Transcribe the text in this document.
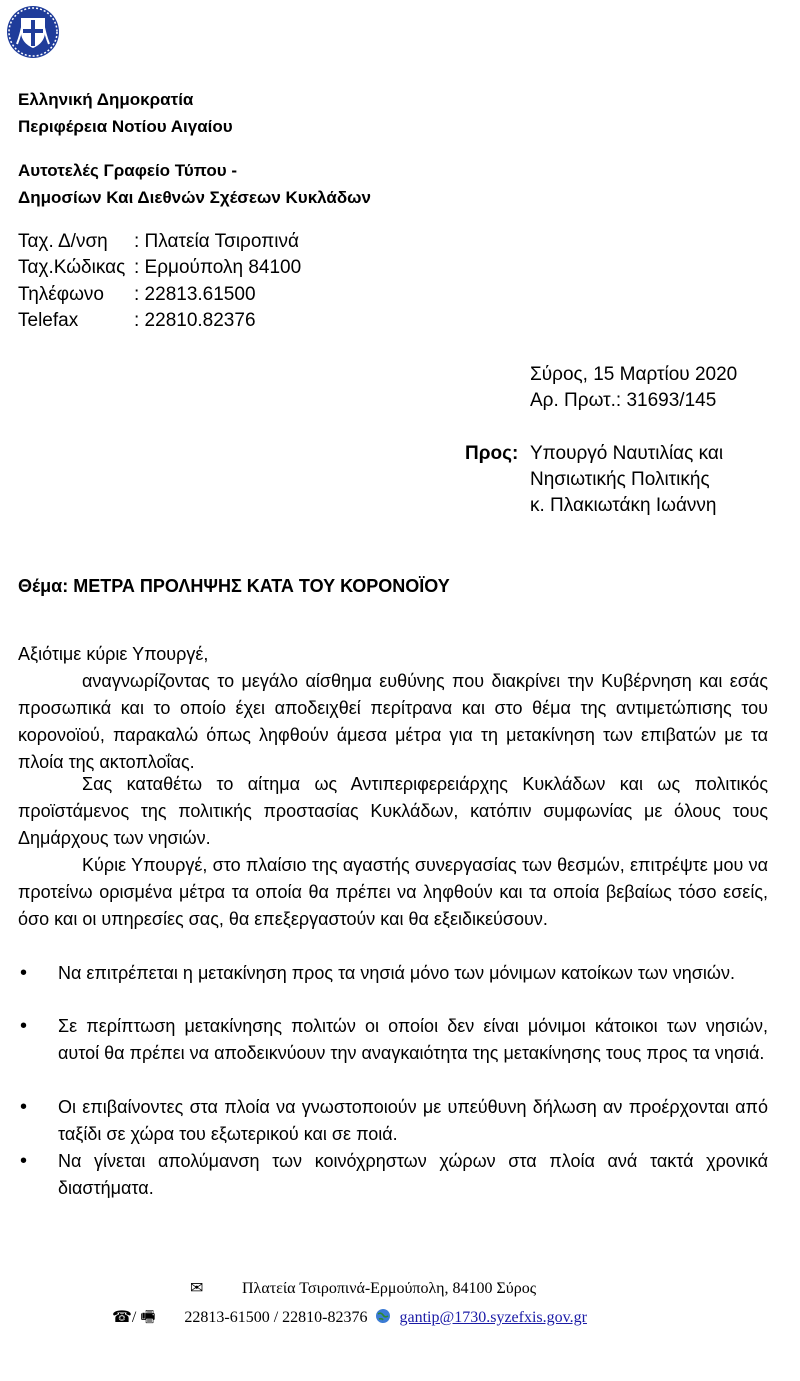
Ελληνική Δημοκρατία
Περιφέρεια Νοτίου Αιγαίου
Αυτοτελές Γραφείο Τύπου -
Δημοσίων Και Διεθνών Σχέσεων Κυκλάδων
Ταχ. Δ/νση : Πλατεία Τσιροπινά
Ταχ.Κώδικας : Ερμούπολη 84100
Τηλέφωνο : 22813.61500
Telefax	: 22810.82376
Σύρος, 15 Μαρτίου 2020
Αρ. Πρωτ.: 31693/145
Προς: Υπουργό Ναυτιλίας και
Νησιωτικής Πολιτικής
κ. Πλακιωτάκη Ιωάννη
Θέμα: ΜΕΤΡΑ ΠΡΟΛΗΨΗΣ ΚΑΤΑ ΤΟΥ ΚΟΡΟΝΟΪΟΥ
Αξιότιμε κύριε Υπουργέ,
αναγνωρίζοντας το μεγάλο αίσθημα ευθύνης που διακρίνει την Κυβέρνηση και εσάς προσωπικά και το οποίο έχει αποδειχθεί περίτρανα και στο θέμα της αντιμετώπισης του κορονοϊού, παρακαλώ όπως ληφθούν άμεσα μέτρα για τη μετακίνηση των επιβατών με τα πλοία της ακτοπλοΐας.
Σας καταθέτω το αίτημα ως Αντιπεριφερειάρχης Κυκλάδων και ως πολιτικός προϊστάμενος της πολιτικής προστασίας Κυκλάδων, κατόπιν συμφωνίας με όλους τους Δημάρχους των νησιών.
Κύριε Υπουργέ, στο πλαίσιο της αγαστής συνεργασίας των θεσμών, επιτρέψτε μου να προτείνω ορισμένα μέτρα τα οποία θα πρέπει να ληφθούν και τα οποία βεβαίως τόσο εσείς, όσο και οι υπηρεσίες σας, θα επεξεργαστούν και θα εξειδικεύσουν.
• Να επιτρέπεται η μετακίνηση προς τα νησιά μόνο των μόνιμων κατοίκων των νησιών.
• Σε περίπτωση μετακίνησης πολιτών οι οποίοι δεν είναι μόνιμοι κάτοικοι των νησιών, αυτοί θα πρέπει να αποδεικνύουν την αναγκαιότητα της μετακίνησης τους προς τα νησιά.
• Οι επιβαίνοντες στα πλοία να γνωστοποιούν με υπεύθυνη δήλωση αν προέρχονται από ταξίδι σε χώρα του εξωτερικού και σε ποιά.
• Να γίνεται απολύμανση των κοινόχρηστων χώρων στα πλοία ανά τακτά χρονικά διαστήματα.
✉ Πλατεία Τσιροπινά-Ερμούπολη, 84100 Σύρος
☎/ 🖷 22813-61500 / 22810-82376 gantip@1730.syzefxis.gov.gr
